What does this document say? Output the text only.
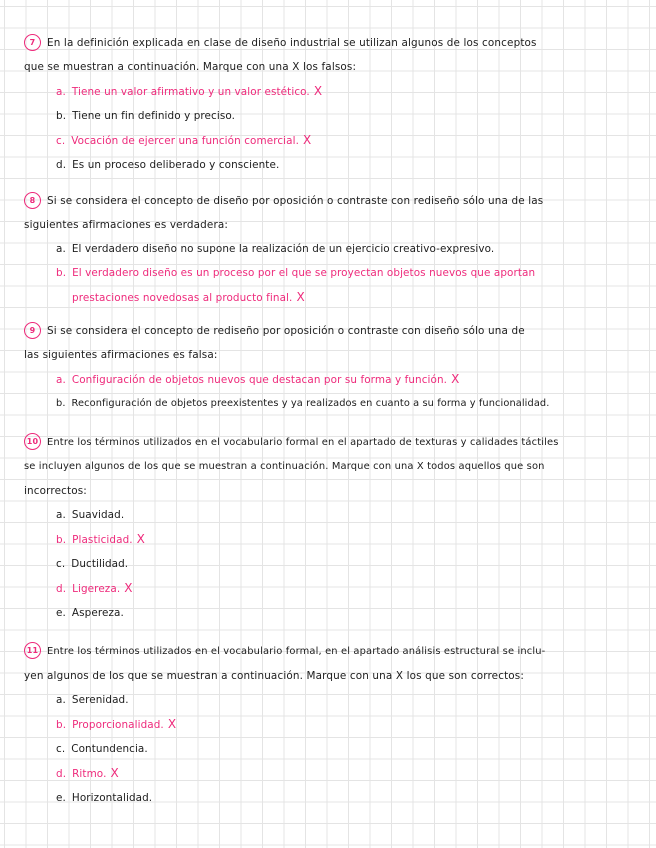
7 En la definición explicada en clase de diseño industrial se utilizan algunos de los conceptos
que se muestran a continuación. Marque con una X los falsos:
a. Tiene un valor afirmativo y un valor estético. X
b. Tiene un fin definido y preciso.
c. Vocación de ejercer una función comercial. X
d. Es un proceso deliberado y consciente.
8 Si se considera el concepto de diseño por oposición o contraste con rediseño sólo una de las
siguientes afirmaciones es verdadera:
a. El verdadero diseño no supone la realización de un ejercicio creativo-expresivo.
b. El verdadero diseño es un proceso por el que se proyectan objetos nuevos que aportan
prestaciones novedosas al producto final. X
9 Si se considera el concepto de rediseño por oposición o contraste con diseño sólo una de
las siguientes afirmaciones es falsa:
a. Configuración de objetos nuevos que destacan por su forma y función. X
b. Reconfiguración de objetos preexistentes y ya realizados en cuanto a su forma y funcionalidad.
10 Entre los términos utilizados en el vocabulario formal en el apartado de texturas y calidades táctiles
se incluyen algunos de los que se muestran a continuación. Marque con una X todos aquellos que son
incorrectos:
a. Suavidad.
b. Plasticidad. X
c. Ductilidad.
d. Ligereza. X
e. Aspereza.
11 Entre los términos utilizados en el vocabulario formal, en el apartado análisis estructural se inclu-
yen algunos de los que se muestran a continuación. Marque con una X los que son correctos:
a. Serenidad.
b. Proporcionalidad. X
c. Contundencia.
d. Ritmo. X
e. Horizontalidad.
